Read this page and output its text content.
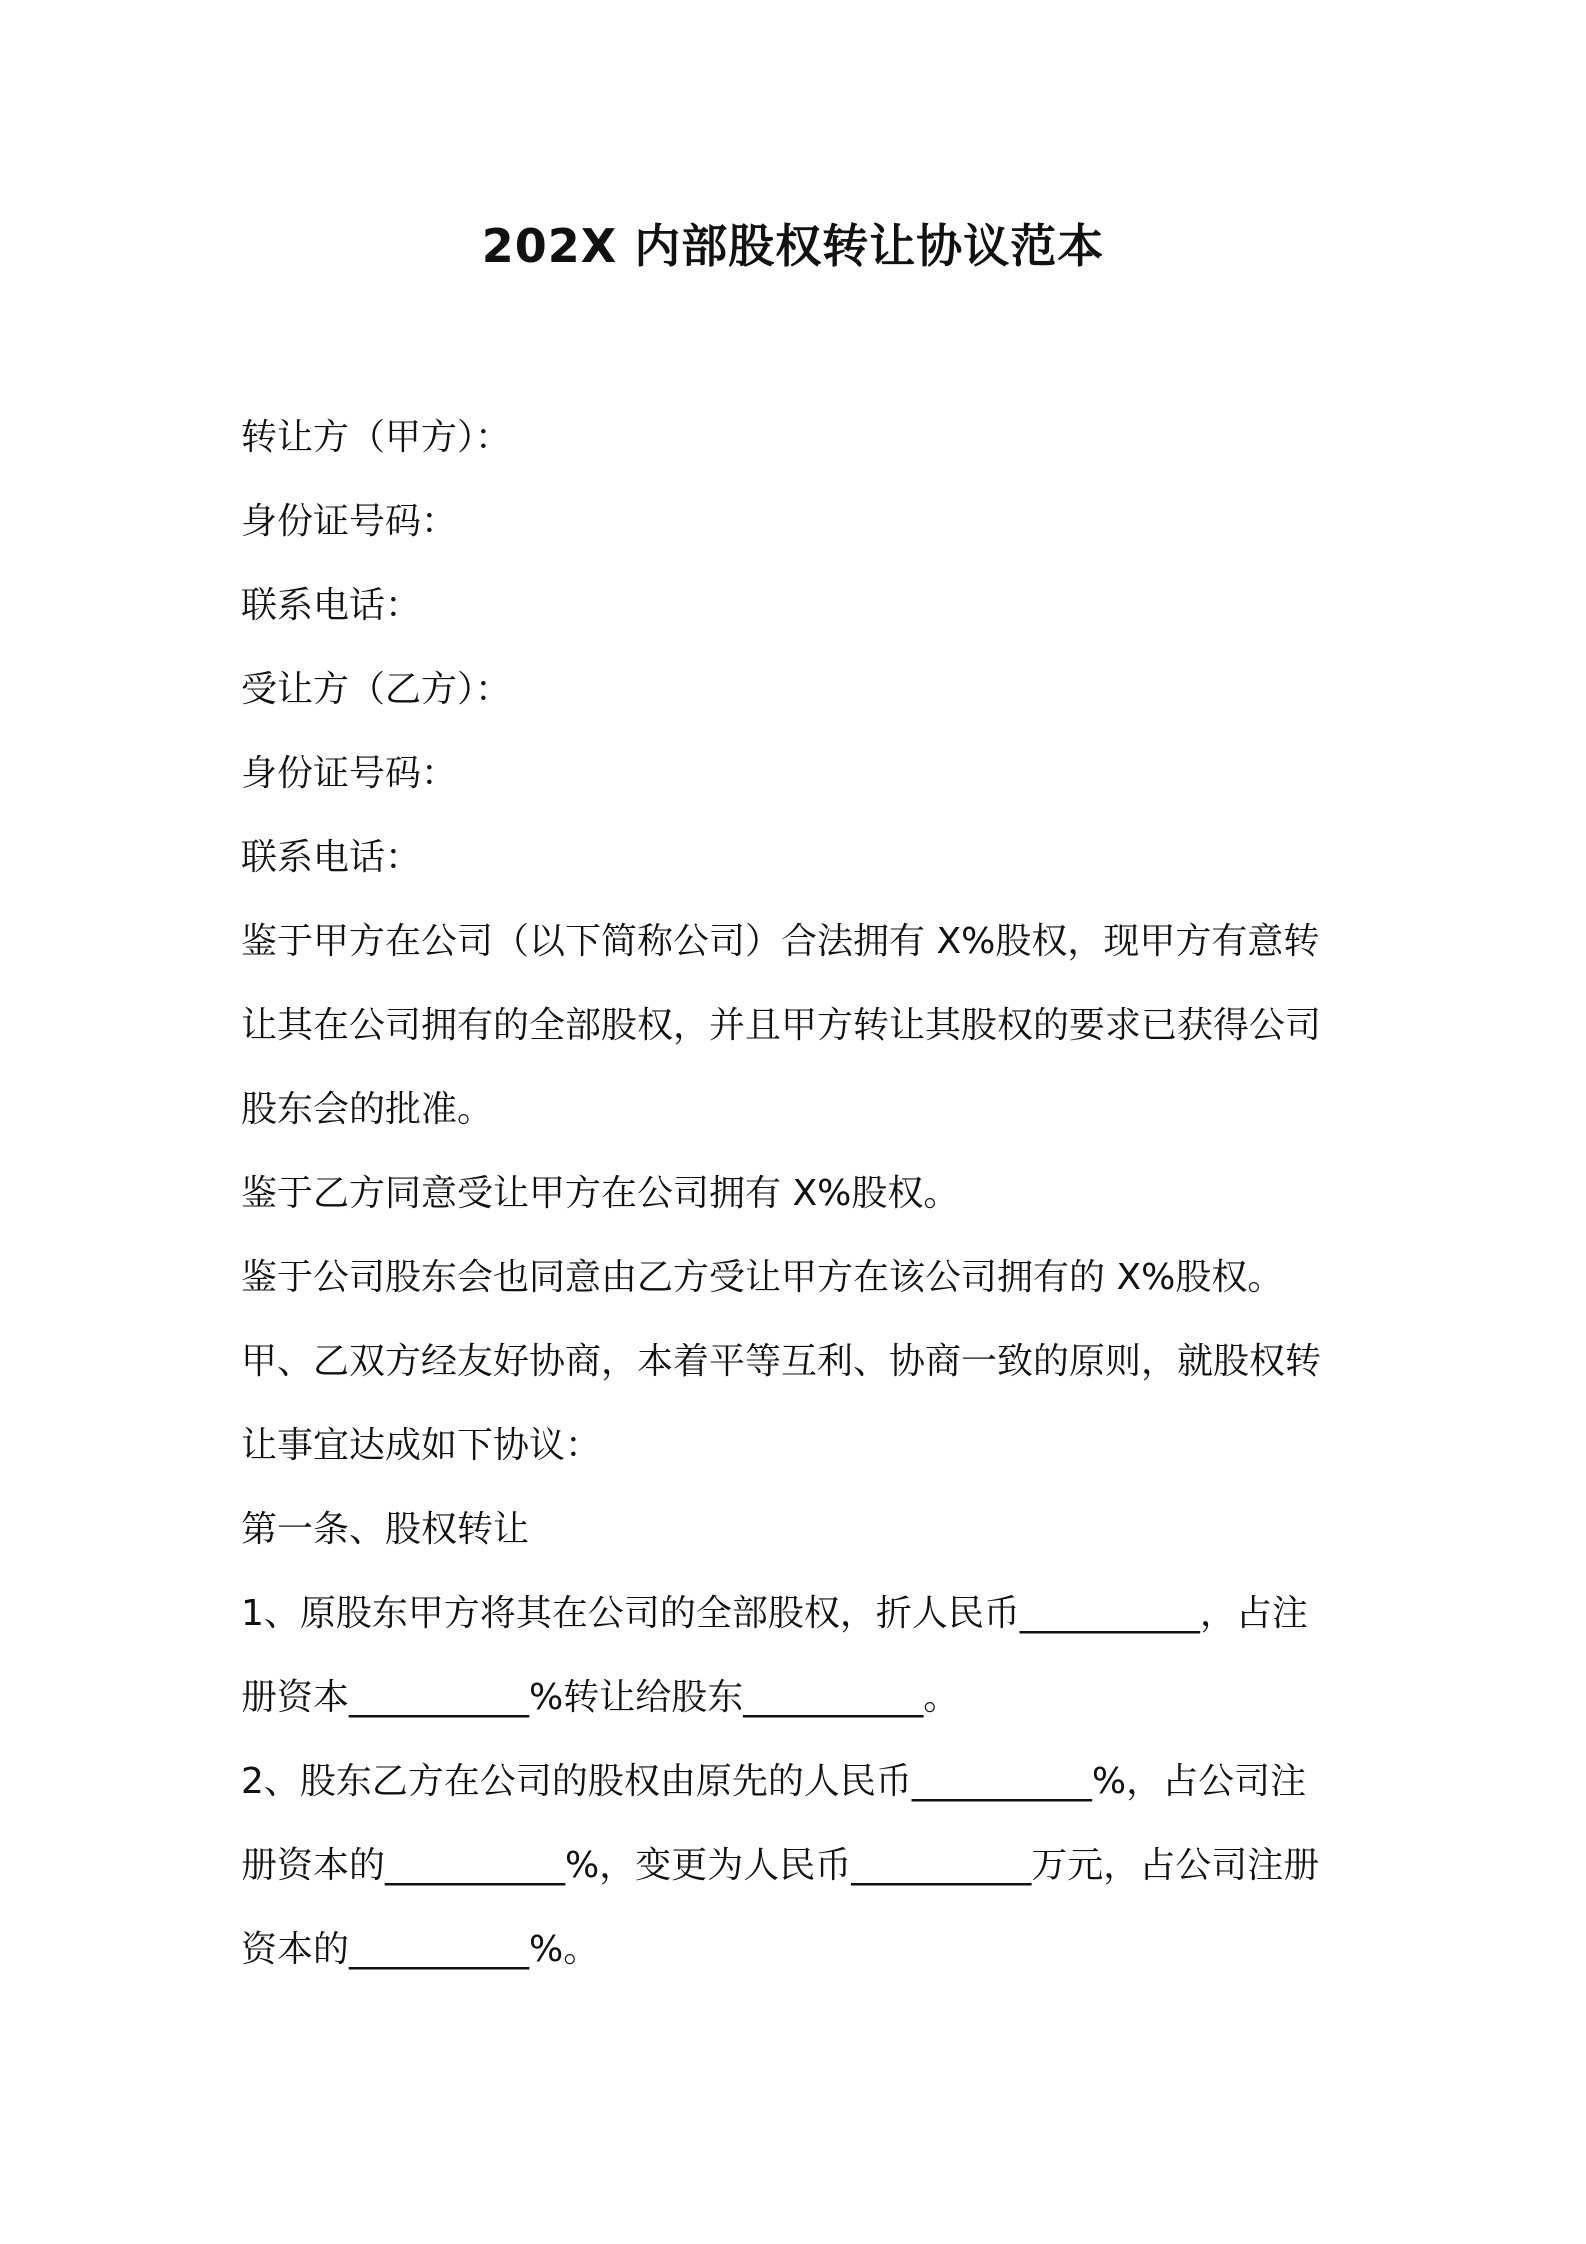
202X 内部股权转让协议范本
转让方（甲方）：
身份证号码：
联系电话：
受让方（乙方）：
身份证号码：
联系电话：
鉴于甲方在公司（以下简称公司）合法拥有 X%股权，现甲方有意转
让其在公司拥有的全部股权，并且甲方转让其股权的要求已获得公司
股东会的批准。
鉴于乙方同意受让甲方在公司拥有 X%股权。
鉴于公司股东会也同意由乙方受让甲方在该公司拥有的 X%股权。
甲、乙双方经友好协商，本着平等互利、协商一致的原则，就股权转
让事宜达成如下协议：
第一条、股权转让
1、原股东甲方将其在公司的全部股权，折人民币__________，占注
册资本__________%转让给股东__________。
2、股东乙方在公司的股权由原先的人民币__________%，占公司注
册资本的__________%，变更为人民币__________万元，占公司注册
资本的__________%。
